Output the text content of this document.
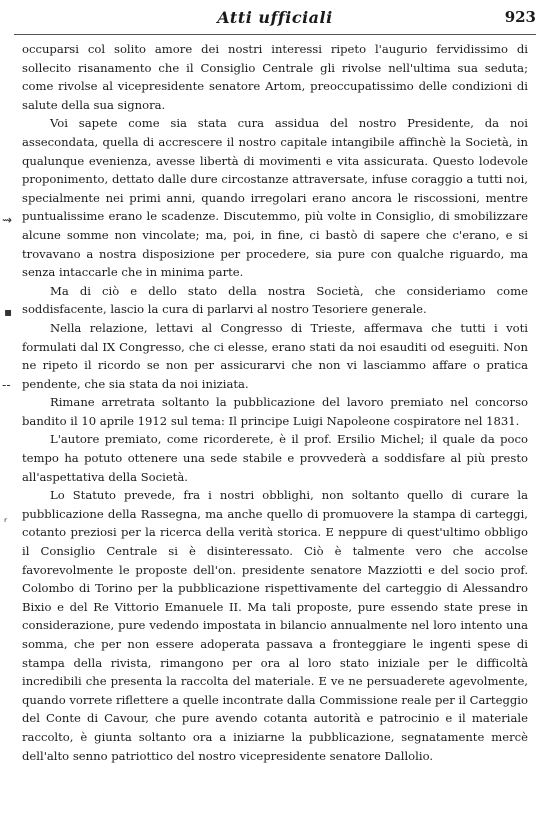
Atti ufficiali	923

occuparsi col solito amore dei nostri interessi ripeto l'augurio fervidissimo di sollecito risanamento che il Consiglio Centrale gli rivolse nell'ultima sua seduta; come rivolse al vicepresidente senatore Artom, preoccupatissimo delle condizioni di salute della sua signora.

Voi sapete come sia stata cura assidua del nostro Presidente, da noi assecondata, quella di accrescere il nostro capitale intangibile affinchè la Società, in qualunque evenienza, avesse libertà di movimenti e vita assicurata. Questo lodevole proponimento, dettato dalle dure circostanze attraversate, infuse coraggio a tutti noi, specialmente nei primi anni, quando irregolari erano ancora le riscossioni, mentre puntualissime erano le scadenze. Discutemmo, più volte in Consiglio, di smobilizzare alcune somme non vincolate; ma, poi, in fine, ci bastò di sapere che c'erano, e si trovavano a nostra disposizione per procedere, sia pure con qualche riguardo, ma senza intaccarle che in minima parte.

Ma di ciò e dello stato della nostra Società, che consideriamo come soddisfacente, lascio la cura di parlarvi al nostro Tesoriere generale.

Nella relazione, lettavi al Congresso di Trieste, affermava che tutti i voti formulati dal IX Congresso, che ci elesse, erano stati da noi esauditi od eseguiti. Non ne ripeto il ricordo se non per assicurarvi che non vi lasciammo affare o pratica pendente, che sia stata da noi iniziata.

Rimane arretrata soltanto la pubblicazione del lavoro premiato nel concorso bandito il 10 aprile 1912 sul tema: Il principe Luigi Napoleone cospiratore nel 1831.

L'autore premiato, come ricorderete, è il prof. Ersilio Michel; il quale da poco tempo ha potuto ottenere una sede stabile e provvederà a soddisfare al più presto all'aspettativa della Società.

Lo Statuto prevede, fra i nostri obblighi, non soltanto quello di curare la pubblicazione della Rassegna, ma anche quello di promuovere la stampa di carteggi, cotanto preziosi per la ricerca della verità storica. E neppure di quest'ultimo obbligo il Consiglio Centrale si è disinteressato. Ciò è talmente vero che accolse favorevolmente le proposte dell'on. presidente senatore Mazziotti e del socio prof. Colombo di Torino per la pubblicazione rispettivamente del carteggio di Alessandro Bixio e del Re Vittorio Emanuele II. Ma tali proposte, pure essendo state prese in considerazione, pure vedendo impostata in bilancio annualmente nel loro intento una somma, che per non essere adoperata passava a fronteggiare le ingenti spese di stampa della rivista, rimangono per ora al loro stato iniziale per le difficoltà incredibili che presenta la raccolta del materiale. E ve ne persuaderete agevolmente, quando vorrete riflettere a quelle incontrate dalla Commissione reale per il Carteggio del Conte di Cavour, che pure avendo cotanta autorità e patrocinio e il materiale raccolto, è giunta soltanto ora a iniziarne la pubblicazione, segnatamente mercè dell'alto senno patriottico del nostro vicepresidente senatore Dallolio.

⇝
▪
--
ʳ
